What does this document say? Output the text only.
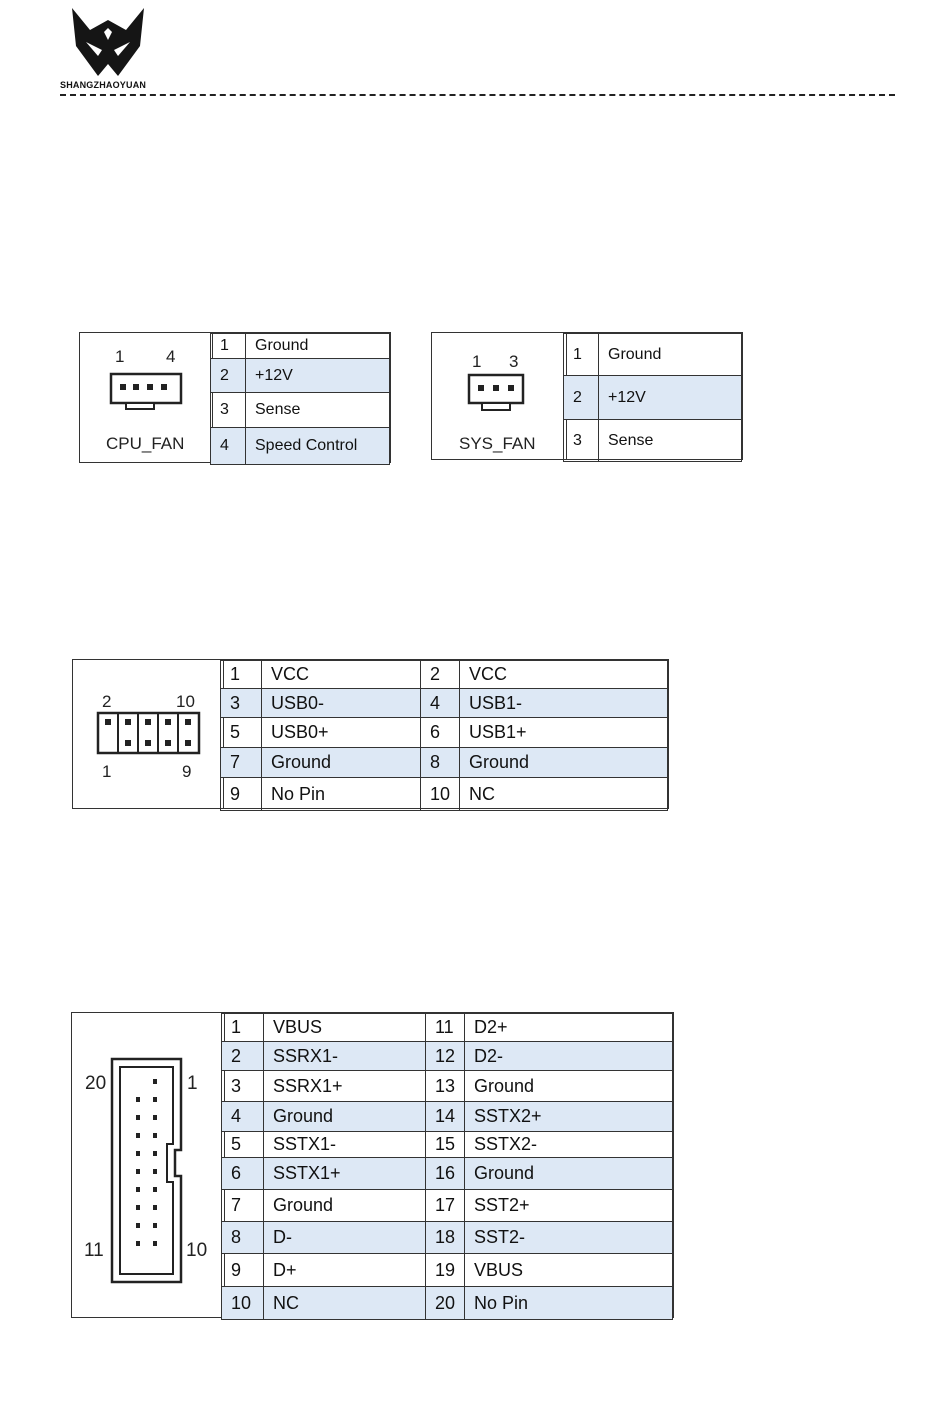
SHANGZHAOYUAN
1 4
CPU_FAN
1	Ground
2	+12V
3	Sense
4	Speed Control
1 3
SYS_FAN
1	Ground
2	+12V
3	Sense
2	10
1	9
1	VCC	2	VCC
3	USB0-	4	USB1-
5	USB0+	6	USB1+
7	Ground	8	Ground
9	No Pin	10	NC
20	1
11	10
1	VBUS	11	D2+
2	SSRX1-	12	D2-
3	SSRX1+	13	Ground
4	Ground	14	SSTX2+
5	SSTX1-	15	SSTX2-
6	SSTX1+	16	Ground
7	Ground	17	SST2+
8	D-	18	SST2-
9	D+	19	VBUS
10	NC	20	No Pin
